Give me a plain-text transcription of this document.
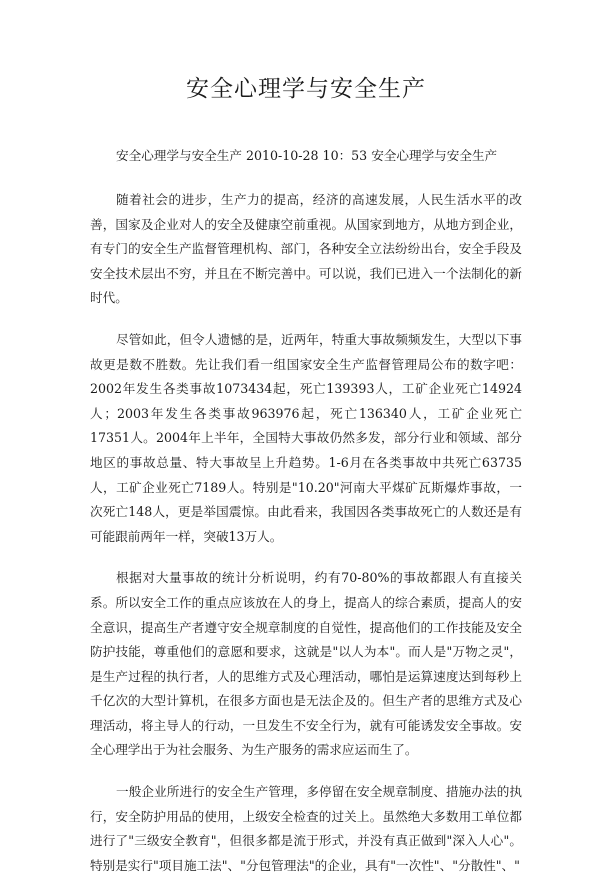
安全心理学与安全生产

安全心理学与安全生产 2010-10-28 10：53 安全心理学与安全生产

随着社会的进步，生产力的提高，经济的高速发展，人民生活水平的改善，国家及企业对人的安全及健康空前重视。从国家到地方，从地方到企业，有专门的安全生产监督管理机构、部门，各种安全立法纷纷出台，安全手段及安全技术层出不穷，并且在不断完善中。可以说，我们已进入一个法制化的新时代。

尽管如此，但令人遗憾的是，近两年，特重大事故频频发生，大型以下事故更是数不胜数。先让我们看一组国家安全生产监督管理局公布的数字吧：2002年发生各类事故1073434起，死亡139393人，工矿企业死亡14924人；2003年发生各类事故963976起，死亡136340人，工矿企业死亡17351人。2004年上半年，全国特大事故仍然多发，部分行业和领域、部分地区的事故总量、特大事故呈上升趋势。1-6月在各类事故中共死亡63735人，工矿企业死亡7189人。特别是"10.20"河南大平煤矿瓦斯爆炸事故，一次死亡148人，更是举国震惊。由此看来，我国因各类事故死亡的人数还是有可能跟前两年一样，突破13万人。

根据对大量事故的统计分析说明，约有70-80%的事故都跟人有直接关系。所以安全工作的重点应该放在人的身上，提高人的综合素质，提高人的安全意识，提高生产者遵守安全规章制度的自觉性，提高他们的工作技能及安全防护技能，尊重他们的意愿和要求，这就是"以人为本"。而人是"万物之灵"，是生产过程的执行者，人的思维方式及心理活动，哪怕是运算速度达到每秒上千亿次的大型计算机，在很多方面也是无法企及的。但生产者的思维方式及心理活动，将主导人的行动，一旦发生不安全行为，就有可能诱发安全事故。安全心理学出于为社会服务、为生产服务的需求应运而生了。

一般企业所进行的安全生产管理，多停留在安全规章制度、措施办法的执行，安全防护用品的使用，上级安全检查的过关上。虽然绝大多数用工单位都进行了"三级安全教育"，但很多都是流于形式，并没有真正做到"深入人心"。特别是实行"项目施工法"、"分包管理法"的企业，具有"一次性"、"分散性"、"
